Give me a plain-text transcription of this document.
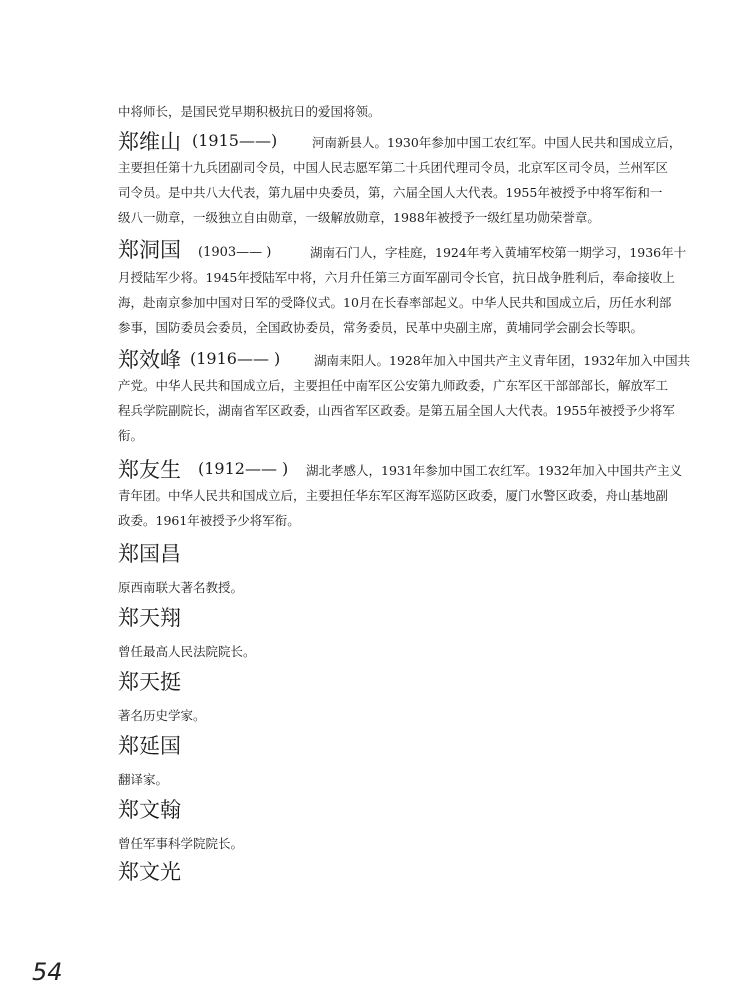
中将师长，是国民党早期积极抗日的爱国将领。
郑维山 (1915——)	河南新县人。1930年参加中国工农红军。中国人民共和国成立后，
主要担任第十九兵团副司令员，中国人民志愿军第二十兵团代理司令员，北京军区司令员，兰州军区
司令员。是中共八大代表，第九届中央委员，第，六届全国人大代表。1955年被授予中将军衔和一
级八一勋章，一级独立自由勋章，一级解放勋章，1988年被授予一级红星功勋荣誉章。
郑洞国 (1903—— )	湖南石门人，字桂庭，1924年考入黄埔军校第一期学习，1936年十
月授陆军少将。1945年授陆军中将，六月升任第三方面军副司令长官，抗日战争胜利后，奉命接收上
海，赴南京参加中国对日军的受降仪式。10月在长春率部起义。中华人民共和国成立后，历任水利部
参事，国防委员会委员，全国政协委员，常务委员，民革中央副主席，黄埔同学会副会长等职。
郑效峰 (1916—— )	湖南耒阳人。1928年加入中国共产主义青年团，1932年加入中国共
产党。中华人民共和国成立后，主要担任中南军区公安第九师政委，广东军区干部部部长，解放军工
程兵学院副院长，湖南省军区政委，山西省军区政委。是第五届全国人大代表。1955年被授予少将军
衔。
郑友生 (1912—— ) 湖北孝感人，1931年参加中国工农红军。1932年加入中国共产主义
青年团。中华人民共和国成立后，主要担任华东军区海军巡防区政委，厦门水警区政委，舟山基地副
政委。1961年被授予少将军衔。
郑国昌
原西南联大著名教授。
郑天翔
曾任最高人民法院院长。
郑天挺
著名历史学家。
郑延国
翻译家。
郑文翰
曾任军事科学院院长。
郑文光
54
